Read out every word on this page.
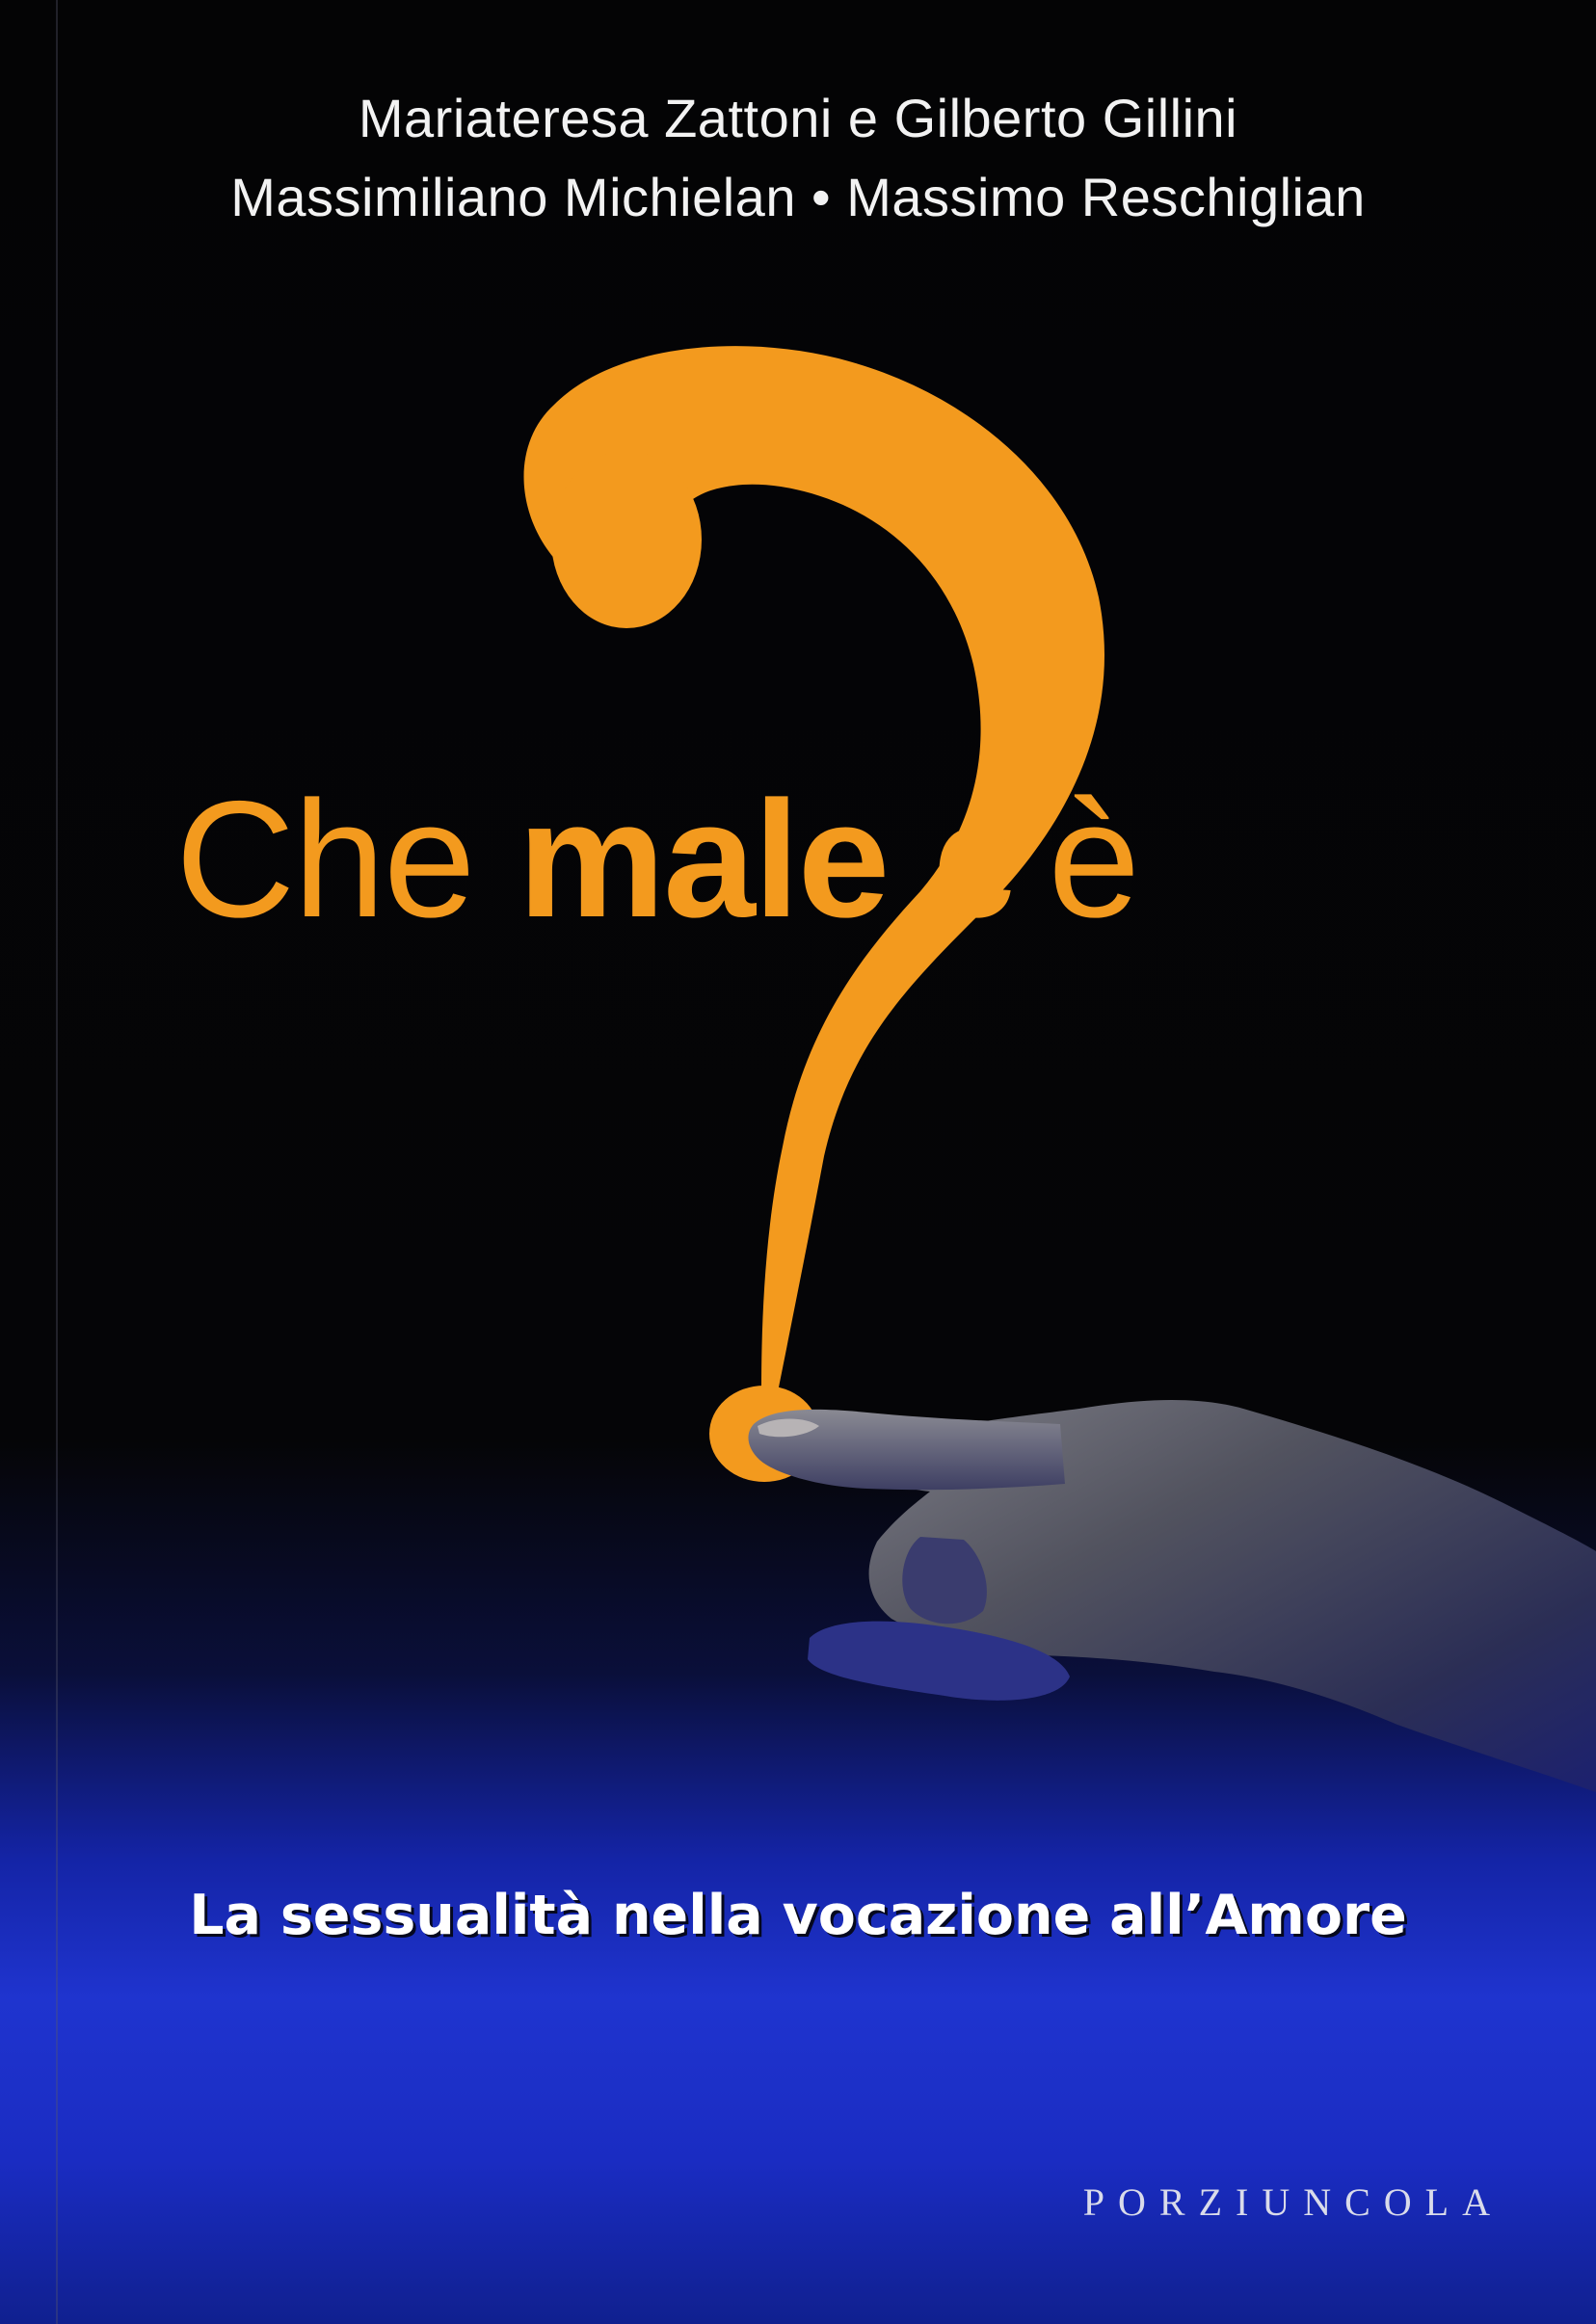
Mariateresa Zattoni e Gilberto Gillini
Massimiliano Michielan • Massimo Reschiglian
Che male c’è
La sessualità nella vocazione all’Amore
PORZIUNCOLA
